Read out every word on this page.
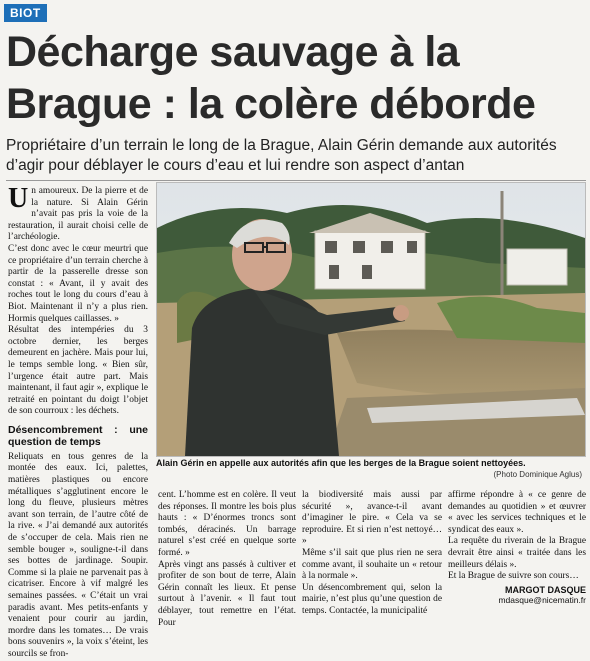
BIOT
Décharge sauvage à la Brague : la colère déborde

Propriétaire d’un terrain le long de la Brague, Alain Gérin demande aux autorités d’agir pour déblayer le cours d’eau et lui rendre son aspect d’antan

U n amoureux. De la pierre et de la nature. Si Alain Gérin n’avait pas pris la voie de la restauration, il aurait choisi celle de l’archéologie.

C’est donc avec le cœur meurtri que ce propriétaire d’un terrain cherche à partir de la passerelle dresse son constat : « Avant, il y avait des roches tout le long du cours d’eau à Biot. Maintenant il n’y a plus rien. Hormis quelques caillasses. »

Résultat des intempéries du 3 octobre dernier, les berges demeurent en jachère. Mais pour lui, le temps semble long. « Bien sûr, l’urgence était autre part. Mais maintenant, il faut agir », explique le retraité en pointant du doigt l’objet de son courroux : les déchets.

Désencombrement : une question de temps

Reliquats en tous genres de la montée des eaux. Ici, palettes, matières plastiques ou encore métalliques s’agglutinent encore le long du fleuve, plusieurs mètres avant son terrain, de l’autre côté de la rive. « J’ai demandé aux autorités de s’occuper de cela. Mais rien ne semble bouger », souligne-t-il dans ses bottes de jardinage. Soupir. Comme si la plaie ne parvenait pas à cicatriser. Encore à vif malgré les semaines passées. « C’était un vrai paradis avant. Mes petits-enfants y venaient pour courir au jardin, mordre dans les tomates… De vrais bons souvenirs », la voix s’éteint, les sourcils se fron-

Alain Gérin en appelle aux autorités afin que les berges de la Brague soient nettoyées.
(Photo Dominique Aglus)

cent. L’homme est en colère. Il veut des réponses. Il montre les bois plus hauts : « D’énormes troncs sont tombés, déracinés. Un barrage naturel s’est créé en quelque sorte formé. »

Après vingt ans passés à cultiver et profiter de son bout de terre, Alain Gérin connaît les lieux. Et pense surtout à l’avenir. « Il faut tout déblayer, tout remettre en l’état. Pour

la biodiversité mais aussi par sécurité », avance-t-il avant d’imaginer le pire. « Cela va se reproduire. Et si rien n’est nettoyé… »

Même s’il sait que plus rien ne sera comme avant, il souhaite un « retour à la normale ».

Un désencombrement qui, selon la mairie, n’est plus qu’une question de temps. Contactée, la municipalité

affirme répondre à « ce genre de demandes au quotidien » et œuvrer « avec les services techniques et le syndicat des eaux ».

La requête du riverain de la Brague devrait être ainsi « traitée dans les meilleurs délais ».

Et la Brague de suivre son cours…

MARGOT DASQUE

mdasque@nicematin.fr
